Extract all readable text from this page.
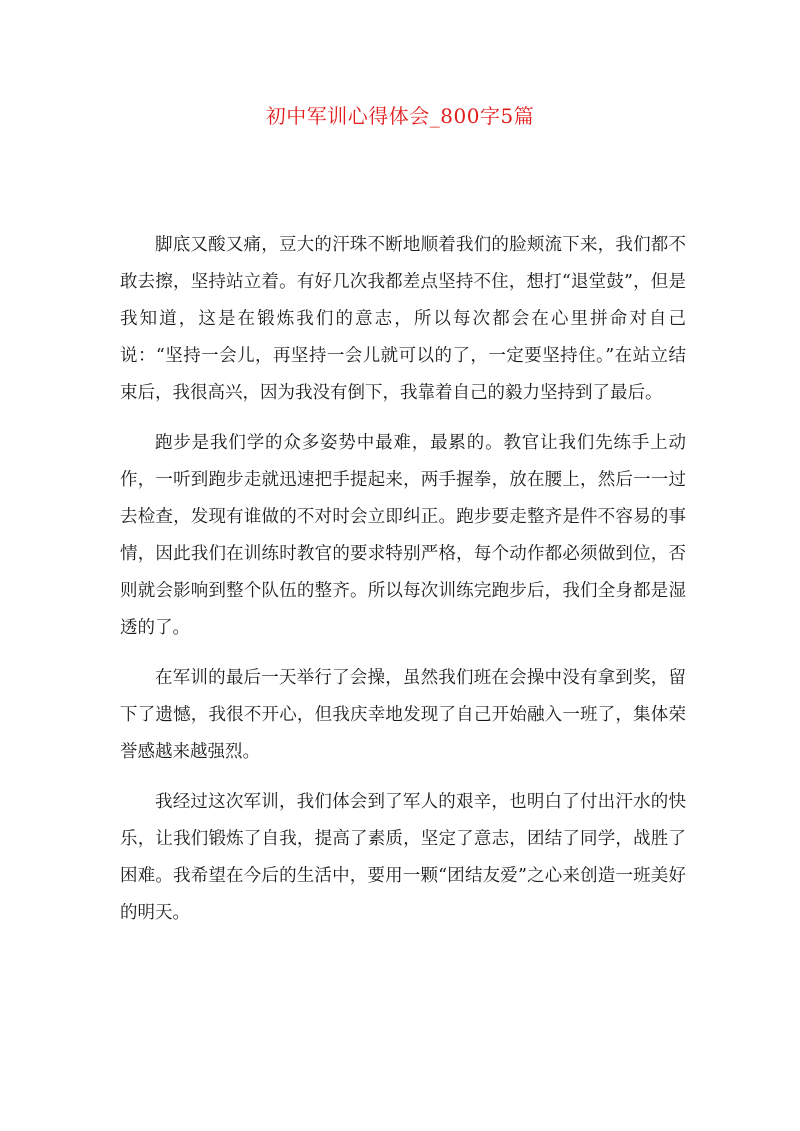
初中军训心得体会_800字5篇

脚底又酸又痛，豆大的汗珠不断地顺着我们的脸颊流下来，我们都不敢去擦，坚持站立着。有好几次我都差点坚持不住，想打“退堂鼓”，但是我知道，这是在锻炼我们的意志，所以每次都会在心里拼命对自己说：“坚持一会儿，再坚持一会儿就可以的了，一定要坚持住。”在站立结束后，我很高兴，因为我没有倒下，我靠着自己的毅力坚持到了最后。

跑步是我们学的众多姿势中最难，最累的。教官让我们先练手上动作，一听到跑步走就迅速把手提起来，两手握拳，放在腰上，然后一一过去检查，发现有谁做的不对时会立即纠正。跑步要走整齐是件不容易的事情，因此我们在训练时教官的要求特别严格，每个动作都必须做到位，否则就会影响到整个队伍的整齐。所以每次训练完跑步后，我们全身都是湿透的了。

在军训的最后一天举行了会操，虽然我们班在会操中没有拿到奖，留下了遗憾，我很不开心，但我庆幸地发现了自己开始融入一班了，集体荣誉感越来越强烈。

我经过这次军训，我们体会到了军人的艰辛，也明白了付出汗水的快乐，让我们锻炼了自我，提高了素质，坚定了意志，团结了同学，战胜了困难。我希望在今后的生活中，要用一颗“团结友爱”之心来创造一班美好的明天。
